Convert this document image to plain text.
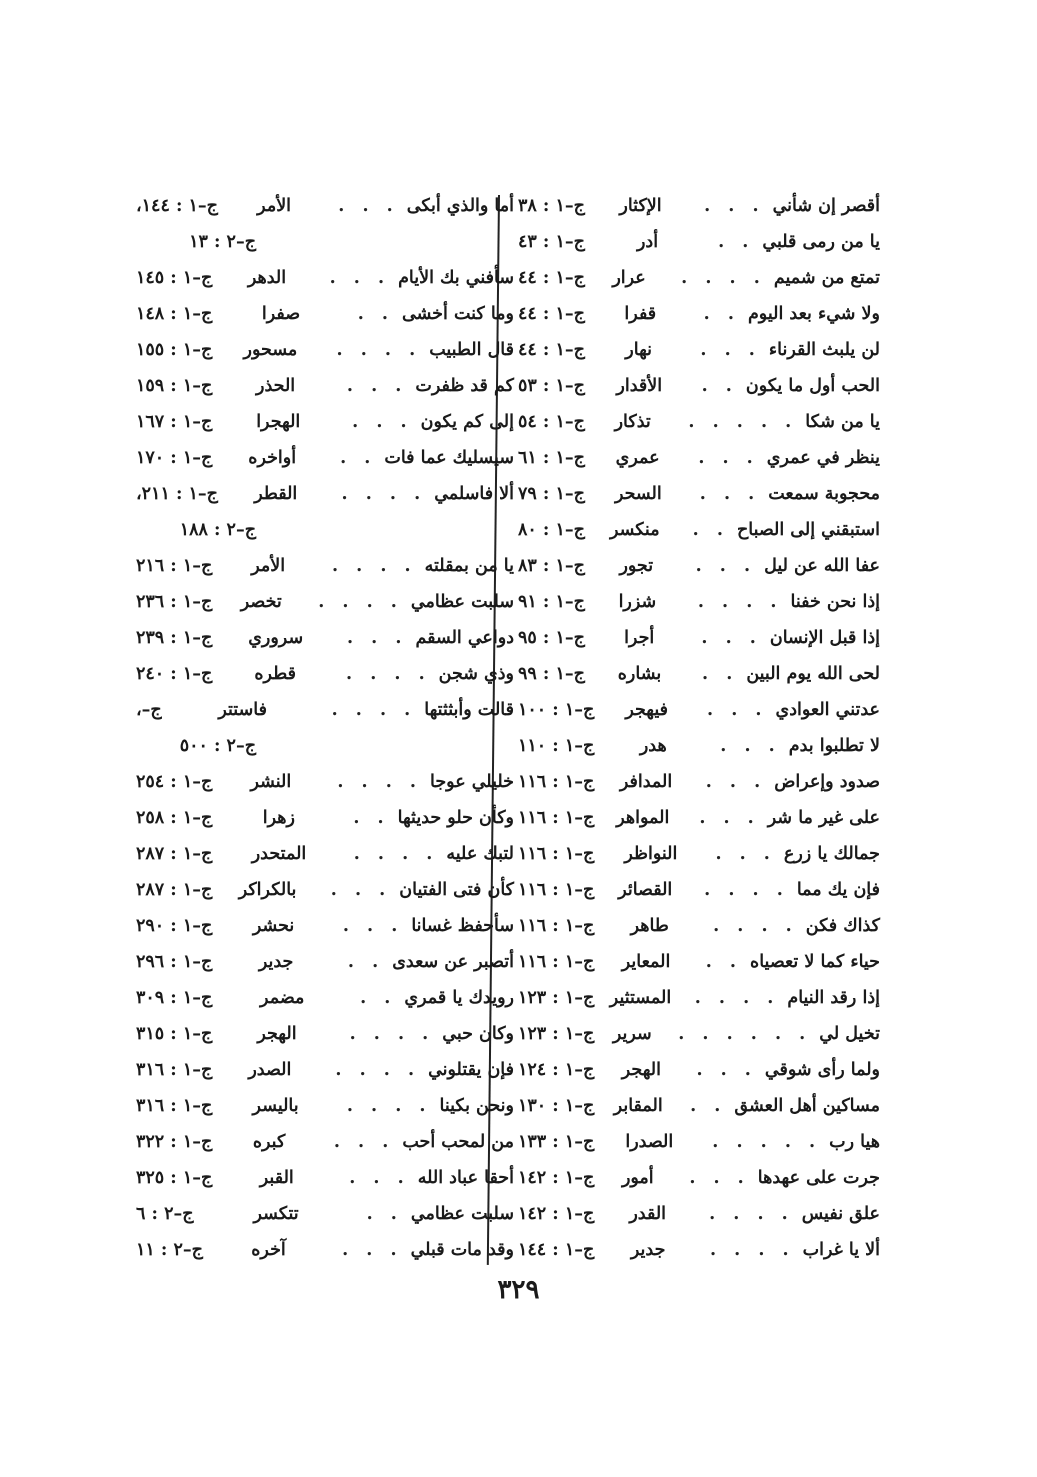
أقصر إن شأني
. . .
الإكثار
ج–١ : ٣٨
يا من رمى قلبي
. .
أدر
ج–١ : ٤٣
تمتع من شميم
. . . .
عرار
ج–١ : ٤٤
ولا شيء بعد اليوم
. .
قفرا
ج–١ : ٤٤
لن يلبث القرناء
. . .
نهار
ج–١ : ٤٤
الحب أول ما يكون
. .
الأقدار
ج–١ : ٥٣
يا من شكا
. . . . .
تذكار
ج–١ : ٥٤
ينظر في عمري
. . .
عمري
ج–١ : ٦١
محجوبة سمعت
. . .
السحر
ج–١ : ٧٩
استبقني إلى الصباح
. .
منكسر
ج–١ : ٨٠
عفا الله عن ليل
. . .
تجور
ج–١ : ٨٣
إذا نحن خفنا
. . . .
شزرا
ج–١ : ٩١
إذا قبل الإنسان
. . .
أجرا
ج–١ : ٩٥
لحى الله يوم البين
. .
بشاره
ج–١ : ٩٩
عدتني العوادي
. . .
فيهجر
ج–١ : ١٠٠
لا تطلبوا بدم
. . .
هدر
ج–١ : ١١٠
صدود وإعراض
. . .
المدافر
ج–١ : ١١٦
على غير ما شر
. . .
المواهر
ج–١ : ١١٦
جمالك يا زرع
. . .
النواظر
ج–١ : ١١٦
فإن يك مما
. . . .
القصائر
ج–١ : ١١٦
كذاك فكن
. . . .
طاهر
ج–١ : ١١٦
حياء كما لا تعصياه
. .
المعاير
ج–١ : ١١٦
إذا رقد النيام
. . . .
المستثير
ج–١ : ١٢٣
تخيل لي
. . . . . .
سرير
ج–١ : ١٢٣
ولما رأى شوقي
. . .
الهجر
ج–١ : ١٢٤
مساكين أهل العشق
. .
المقابر
ج–١ : ١٣٠
هيا رب
. . . . .
الصدرا
ج–١ : ١٣٣
جرت على عهدها
. . .
أمور
ج–١ : ١٤٢
علق نفيس
. . . .
القدر
ج–١ : ١٤٢
ألا يا غراب
. . . .
جدير
ج–١ : ١٤٤
أما والذي أبكى
. . .
الأمر
ج–١ : ١٤٤،
ج–٢ : ١٣
سأفني بك الأيام
. . .
الدهر
ج–١ : ١٤٥
وما كنت أخشى
. .
صفرا
ج–١ : ١٤٨
قال الطبيب
. . . .
مسحور
ج–١ : ١٥٥
كم قد ظفرت
. . .
الحذر
ج–١ : ١٥٩
إلى كم يكون
. . .
الهجرا
ج–١ : ١٦٧
سيسليك عما فات
. .
أواخره
ج–١ : ١٧٠
ألا فاسلمي
. . . .
القطر
ج–١ : ٢١١،
ج–٢ : ١٨٨
يا من بمقلته
. . . .
الأمر
ج–١ : ٢١٦
سلبت عظامي
. . . .
تخصر
ج–١ : ٢٣٦
دواعي السقم
. . .
سروري
ج–١ : ٢٣٩
وذي شجن
. . . .
قطره
ج–١ : ٢٤٠
قالت وأبثثتها
. . . .
فاستتر
ج–،
ج–٢ : ٥٠٠
خليلي عوجا
. . . .
النشر
ج–١ : ٢٥٤
وكأن حلو حديثها
. .
زهرا
ج–١ : ٢٥٨
لتبك عليه
. . . .
المتحدر
ج–١ : ٢٨٧
كأن فتى الفتيان
. . .
بالكراكر
ج–١ : ٢٨٧
سأحفظ غسانا
. . .
نحشر
ج–١ : ٢٩٠
أتصبر عن سعدى
. .
جدير
ج–١ : ٢٩٦
رويدك يا قمري
. .
مضمر
ج–١ : ٣٠٩
وكان حبي
. . . .
الهجر
ج–١ : ٣١٥
فإن يقتلوني
. . . .
الصدر
ج–١ : ٣١٦
ونحن بكينا
. . . .
باليسر
ج–١ : ٣١٦
من لمحب أحب
. . .
كبره
ج–١ : ٣٢٢
أحقا عباد الله
. . .
القبر
ج–١ : ٣٢٥
سلبت عظامي
. .
تتكسر
ج–٢ : ٦
وقد مات قبلي
. . .
آخره
ج–٢ : ١١
٣٢٩
